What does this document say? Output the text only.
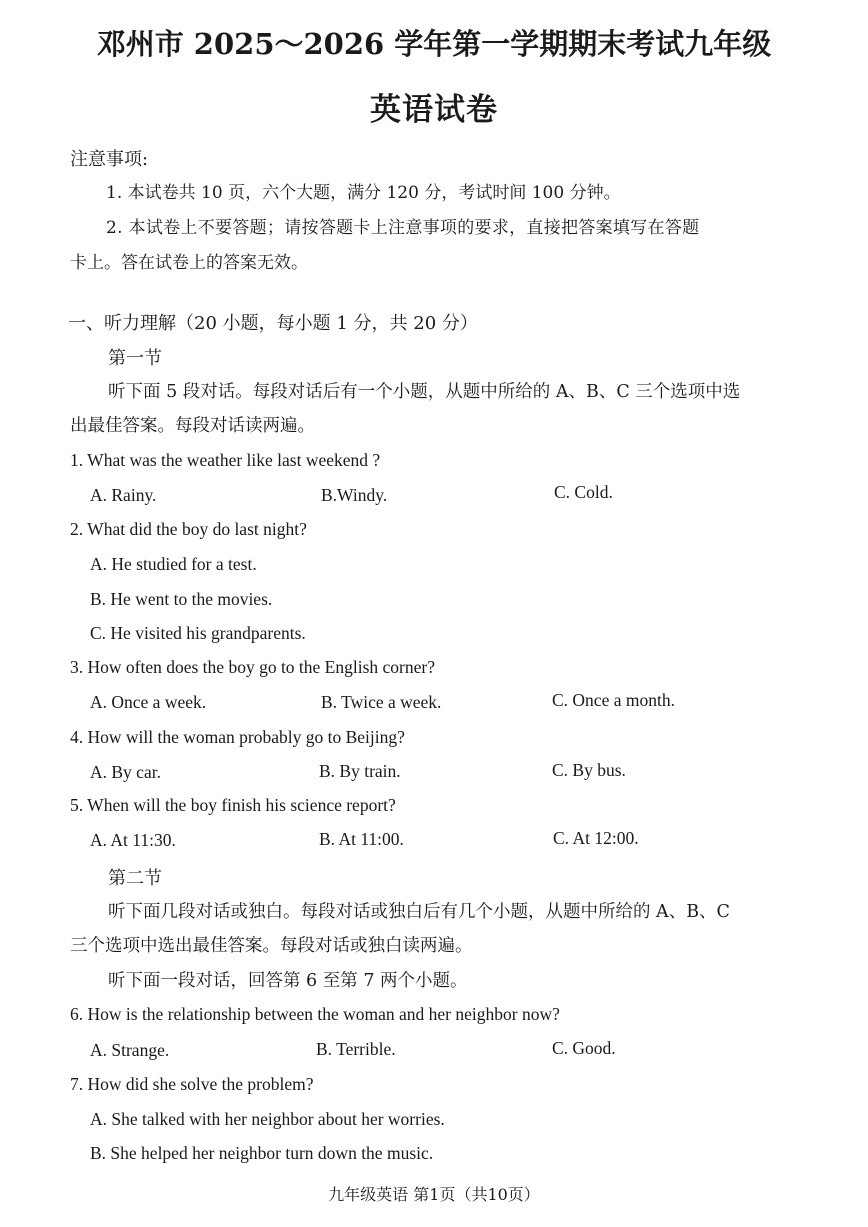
邓州市 2025～2026 学年第一学期期末考试九年级
英语试卷
注意事项:
1. 本试卷共 10 页，六个大题，满分 120 分，考试时间 100 分钟。
2. 本试卷上不要答题；请按答题卡上注意事项的要求，直接把答案填写在答题
卡上。答在试卷上的答案无效。
一、听力理解（20 小题，每小题 1 分，共 20 分）
第一节
听下面 5 段对话。每段对话后有一个小题，从题中所给的 A、B、C 三个选项中选
出最佳答案。每段对话读两遍。
1. What was the weather like last weekend ?
A. Rainy.	B.Windy.	C. Cold.
2. What did the boy do last night?
A. He studied for a test.
B. He went to the movies.
C. He visited his grandparents.
3. How often does the boy go to the English corner?
A. Once a week.	B. Twice a week.	C. Once a month.
4. How will the woman probably go to Beijing?
A. By car.	B. By train.	C. By bus.
5. When will the boy finish his science report?
A. At 11:30.	B. At 11:00.	C. At 12:00.
第二节
听下面几段对话或独白。每段对话或独白后有几个小题，从题中所给的 A、B、C
三个选项中选出最佳答案。每段对话或独白读两遍。
听下面一段对话，回答第 6 至第 7 两个小题。
6. How is the relationship between the woman and her neighbor now?
A. Strange.	B. Terrible.	C. Good.
7. How did she solve the problem?
A. She talked with her neighbor about her worries.
B. She helped her neighbor turn down the music.
九年级英语 第1页（共10页）
